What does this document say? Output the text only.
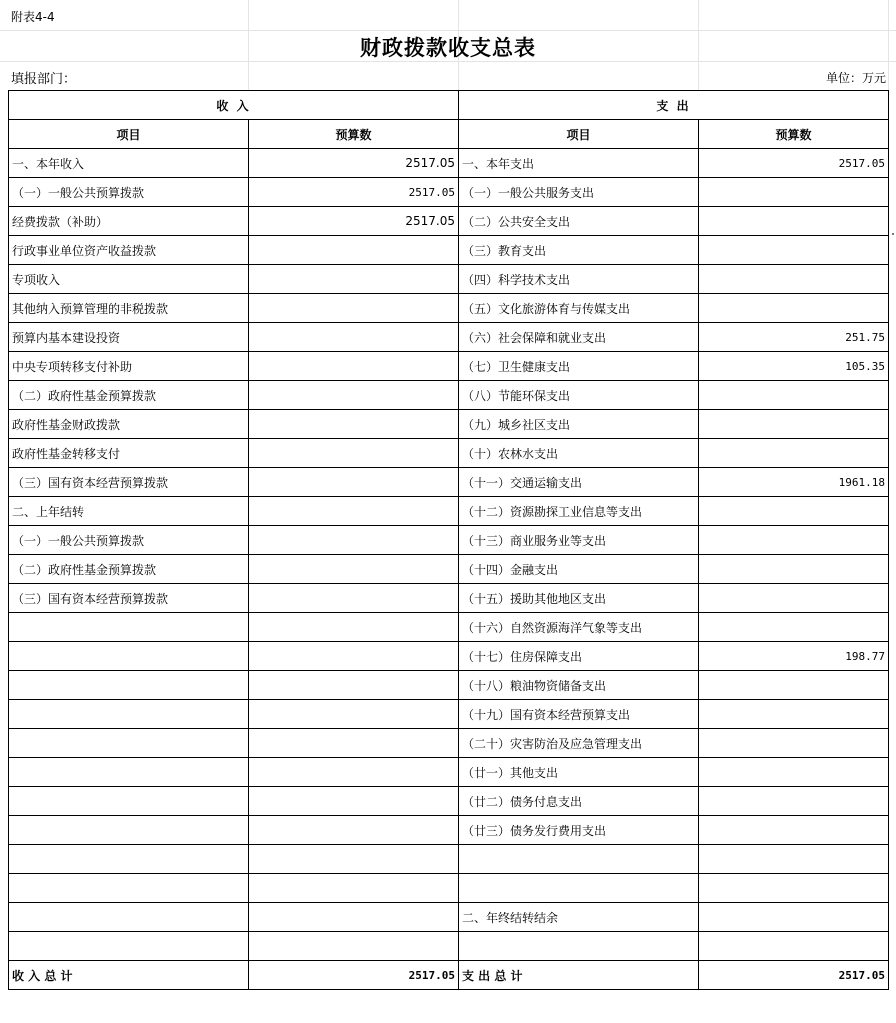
附表4-4
财政拨款收支总表
填报部门：	单位：万元
收 入		支 出	
项目	预算数	项目	预算数
一、本年收入	2517.05	一、本年支出	2517.05
（一）一般公共预算拨款	2517.05	（一）一般公共服务支出	
经费拨款（补助）	2517.05	（二）公共安全支出	
行政事业单位资产收益拨款		（三）教育支出	
专项收入		（四）科学技术支出	
其他纳入预算管理的非税拨款		（五）文化旅游体育与传媒支出	
预算内基本建设投资		（六）社会保障和就业支出	251.75
中央专项转移支付补助		（七）卫生健康支出	105.35
（二）政府性基金预算拨款		（八）节能环保支出	
政府性基金财政拨款		（九）城乡社区支出	
政府性基金转移支付		（十）农林水支出	
（三）国有资本经营预算拨款		（十一）交通运输支出	1961.18
二、上年结转		（十二）资源勘探工业信息等支出	
（一）一般公共预算拨款		（十三）商业服务业等支出	
（二）政府性基金预算拨款		（十四）金融支出	
（三）国有资本经营预算拨款		（十五）援助其他地区支出	
		（十六）自然资源海洋气象等支出	
		（十七）住房保障支出	198.77
		（十八）粮油物资储备支出	
		（十九）国有资本经营预算支出	
		（二十）灾害防治及应急管理支出	
		（廿一）其他支出	
		（廿二）债务付息支出	
		（廿三）债务发行费用支出	

		二、年终结转结余	

收 入 总 计	2517.05	支 出 总 计	2517.05
